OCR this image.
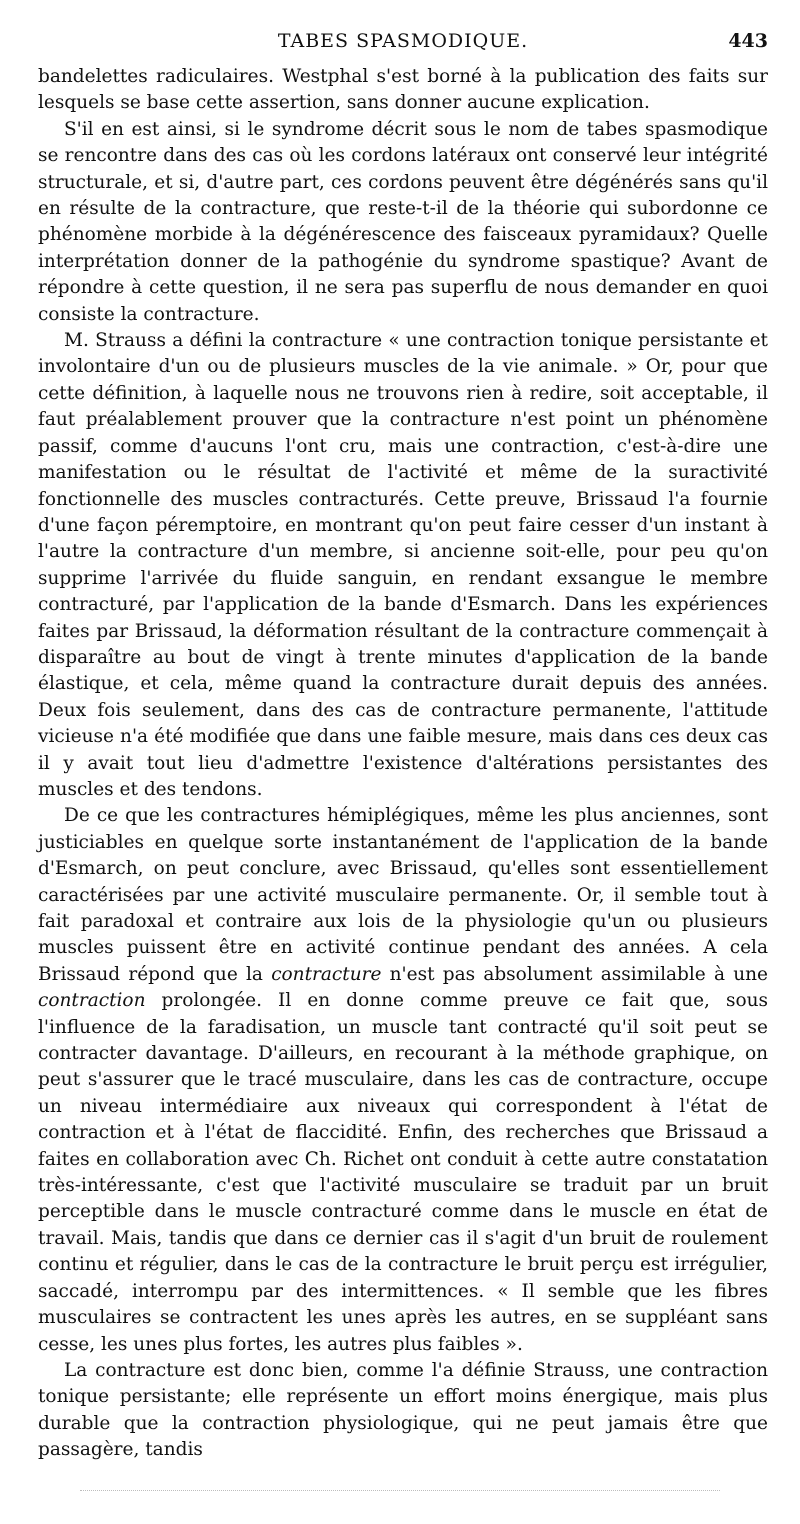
TABES SPASMODIQUE.	443

bandelettes radiculaires. Westphal s'est borné à la publication des faits sur lesquels se base cette assertion, sans donner aucune explication.

S'il en est ainsi, si le syndrome décrit sous le nom de tabes spasmodique se rencontre dans des cas où les cordons latéraux ont conservé leur intégrité structurale, et si, d'autre part, ces cordons peuvent être dégénérés sans qu'il en résulte de la contracture, que reste-t-il de la théorie qui subordonne ce phénomène morbide à la dégénérescence des faisceaux pyramidaux? Quelle interprétation donner de la pathogénie du syndrome spastique? Avant de répondre à cette question, il ne sera pas superflu de nous demander en quoi consiste la contracture.

M. Strauss a défini la contracture « une contraction tonique persistante et involontaire d'un ou de plusieurs muscles de la vie animale. » Or, pour que cette définition, à laquelle nous ne trouvons rien à redire, soit acceptable, il faut préalablement prouver que la contracture n'est point un phénomène passif, comme d'aucuns l'ont cru, mais une contraction, c'est-à-dire une manifestation ou le résultat de l'activité et même de la suractivité fonctionnelle des muscles contracturés. Cette preuve, Brissaud l'a fournie d'une façon péremptoire, en montrant qu'on peut faire cesser d'un instant à l'autre la contracture d'un membre, si ancienne soit-elle, pour peu qu'on supprime l'arrivée du fluide sanguin, en rendant exsangue le membre contracturé, par l'application de la bande d'Esmarch. Dans les expériences faites par Brissaud, la déformation résultant de la contracture commençait à disparaître au bout de vingt à trente minutes d'application de la bande élastique, et cela, même quand la contracture durait depuis des années. Deux fois seulement, dans des cas de contracture permanente, l'attitude vicieuse n'a été modifiée que dans une faible mesure, mais dans ces deux cas il y avait tout lieu d'admettre l'existence d'altérations persistantes des muscles et des tendons.

De ce que les contractures hémiplégiques, même les plus anciennes, sont justiciables en quelque sorte instantanément de l'application de la bande d'Esmarch, on peut conclure, avec Brissaud, qu'elles sont essentiellement caractérisées par une activité musculaire permanente. Or, il semble tout à fait paradoxal et contraire aux lois de la physiologie qu'un ou plusieurs muscles puissent être en activité continue pendant des années. A cela Brissaud répond que la contracture n'est pas absolument assimilable à une contraction prolongée. Il en donne comme preuve ce fait que, sous l'influence de la faradisation, un muscle tant contracté qu'il soit peut se contracter davantage. D'ailleurs, en recourant à la méthode graphique, on peut s'assurer que le tracé musculaire, dans les cas de contracture, occupe un niveau intermédiaire aux niveaux qui correspondent à l'état de contraction et à l'état de flaccidité. Enfin, des recherches que Brissaud a faites en collaboration avec Ch. Richet ont conduit à cette autre constatation très-intéressante, c'est que l'activité musculaire se traduit par un bruit perceptible dans le muscle contracturé comme dans le muscle en état de travail. Mais, tandis que dans ce dernier cas il s'agit d'un bruit de roulement continu et régulier, dans le cas de la contracture le bruit perçu est irrégulier, saccadé, interrompu par des intermittences. « Il semble que les fibres musculaires se contractent les unes après les autres, en se suppléant sans cesse, les unes plus fortes, les autres plus faibles ».

La contracture est donc bien, comme l'a définie Strauss, une contraction tonique persistante; elle représente un effort moins énergique, mais plus durable que la contraction physiologique, qui ne peut jamais être que passagère, tandis
